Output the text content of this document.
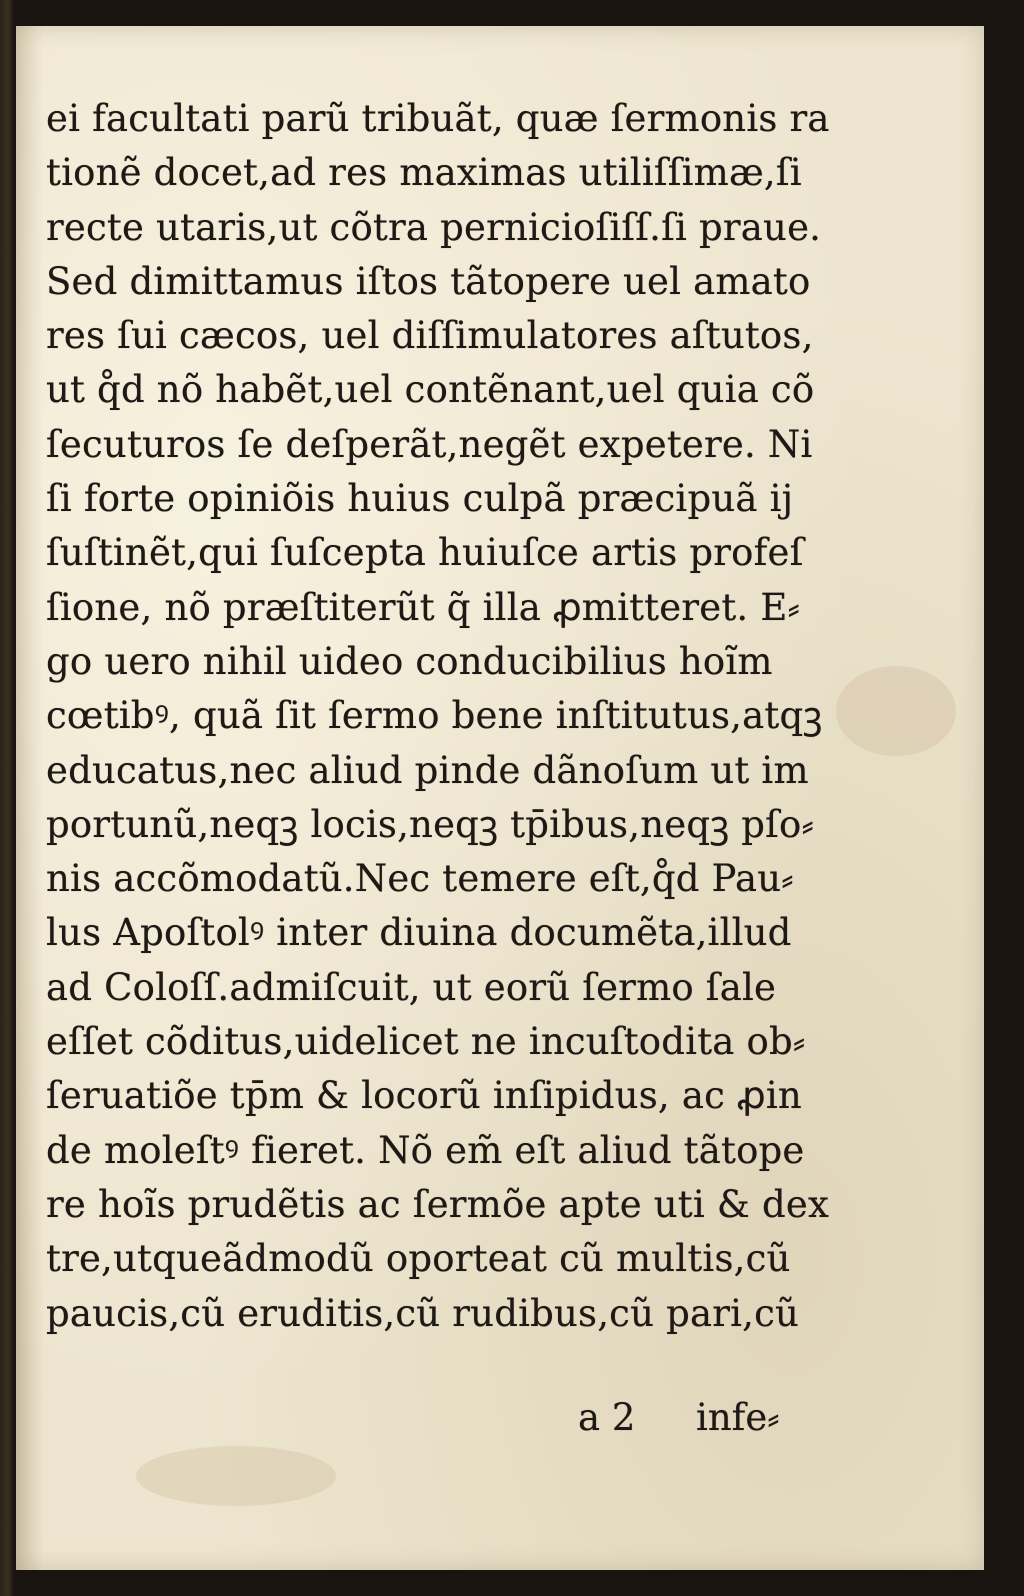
ei facultati parũ tribuãt, quæ ſermonis ra
tionẽ docet,ad res maximas utiliſſimæ,ſi
recte utaris,ut cõtra pernicioſiſſ.ſi praue.
Sed dimittamus iſtos tãtopere uel amato
res ſui cæcos, uel diſſimulatores aſtutos,
ut q̊d nõ habẽt,uel contẽnant,uel quia cõ
ſecuturos ſe deſperãt,negẽt expetere. Ni
ſi forte opiniõis huius culpã præcipuã ij
ſuſtinẽt,qui ſuſcepta huiuſce artis profeſ
ſione, nõ præſtiterũt q̃ illa ꝓmitteret. E⸗
go uero nihil uideo conducibilius hoĩm
cœtibꝰ, quã ſit ſermo bene inſtitutus,atqꝫ
educatus,nec aliud pinde dãnoſum ut im
portunũ,neqꝫ locis,neqꝫ tp̄ibus,neqꝫ pſo⸗
nis accõmodatũ.Nec temere eſt,q̊d Pau⸗
lus Apoſtolꝰ inter diuina documẽta,illud
ad Coloſſ.admiſcuit, ut eorũ ſermo ſale
eſſet cõditus,uidelicet ne incuſtodita ob⸗
ſeruatiõe tp̄m & locorũ inſipidus, ac ꝓin
de moleſtꝰ fieret. Nõ em̃ eſt aliud tãtope
re hoĩs prudẽtis ac ſermõe apte uti & dex
tre,utqueãdmodũ oporteat cũ multis,cũ
paucis,cũ eruditis,cũ rudibus,cũ pari,cũ
a 2 infe⸗
